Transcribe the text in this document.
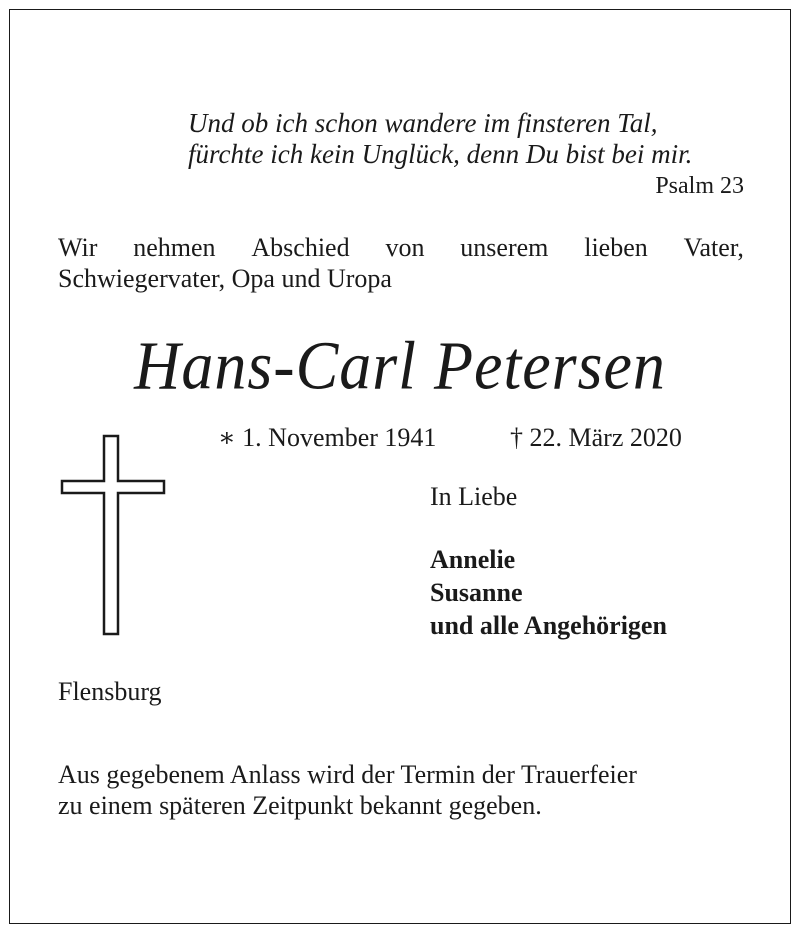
Und ob ich schon wandere im finsteren Tal,
fürchte ich kein Unglück, denn Du bist bei mir.
Psalm 23
Wir nehmen Abschied von unserem lieben Vater,
Schwiegervater, Opa und Uropa
Hans-Carl Petersen
∗ 1. November 1941	† 22. März 2020
In Liebe
Annelie
Susanne
und alle Angehörigen
Flensburg
Aus gegebenem Anlass wird der Termin der Trauerfeier
zu einem späteren Zeitpunkt bekannt gegeben.
